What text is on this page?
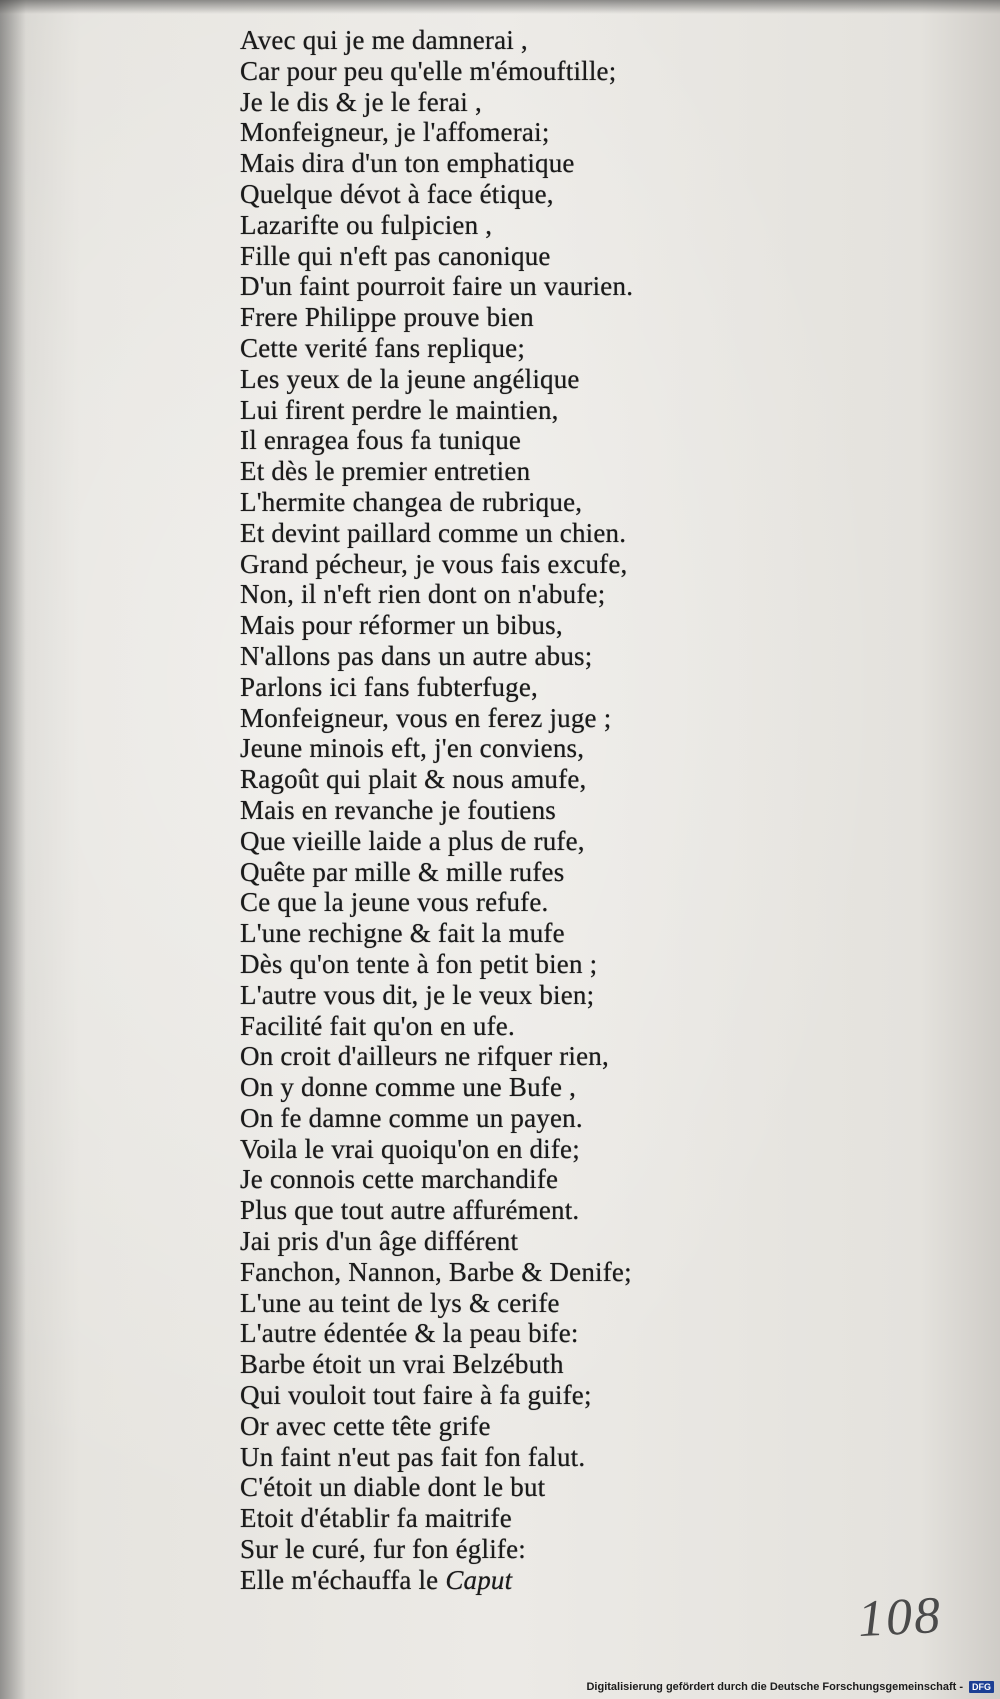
Avec qui je me damnerai ,
Car pour peu qu'elle m'émouftille;
Je le dis & je le ferai ,
Monfeigneur, je l'affomerai;
Mais dira d'un ton emphatique
Quelque dévot à face étique,
Lazarifte ou fulpicien ,
Fille qui n'eft pas canonique
D'un faint pourroit faire un vaurien.
Frere Philippe prouve bien
Cette verité fans replique;
Les yeux de la jeune angélique
Lui firent perdre le maintien,
Il enragea fous fa tunique
Et dès le premier entretien
L'hermite changea de rubrique,
Et devint paillard comme un chien.
Grand pécheur, je vous fais excufe,
Non, il n'eft rien dont on n'abufe;
Mais pour réformer un bibus,
N'allons pas dans un autre abus;
Parlons ici fans fubterfuge,
Monfeigneur, vous en ferez juge ;
Jeune minois eft, j'en conviens,
Ragoût qui plait & nous amufe,
Mais en revanche je foutiens
Que vieille laide a plus de rufe,
Quête par mille & mille rufes
Ce que la jeune vous refufe.
L'une rechigne & fait la mufe
Dès qu'on tente à fon petit bien ;
L'autre vous dit, je le veux bien;
Facilité fait qu'on en ufe.
On croit d'ailleurs ne rifquer rien,
On y donne comme une Bufe ,
On fe damne comme un payen.
Voila le vrai quoiqu'on en dife;
Je connois cette marchandife
Plus que tout autre affurément.
Jai pris d'un âge différent
Fanchon, Nannon, Barbe & Denife;
L'une au teint de lys & cerife
L'autre édentée & la peau bife:
Barbe étoit un vrai Belzébuth
Qui vouloit tout faire à fa guife;
Or avec cette tête grife
Un faint n'eut pas fait fon falut.
C'étoit un diable dont le but
Etoit d'établir fa maitrife
Sur le curé, fur fon églife:
Elle m'échauffa le Caput
108
Digitalisierung gefördert durch die Deutsche Forschungsgemeinschaft -	DFG
